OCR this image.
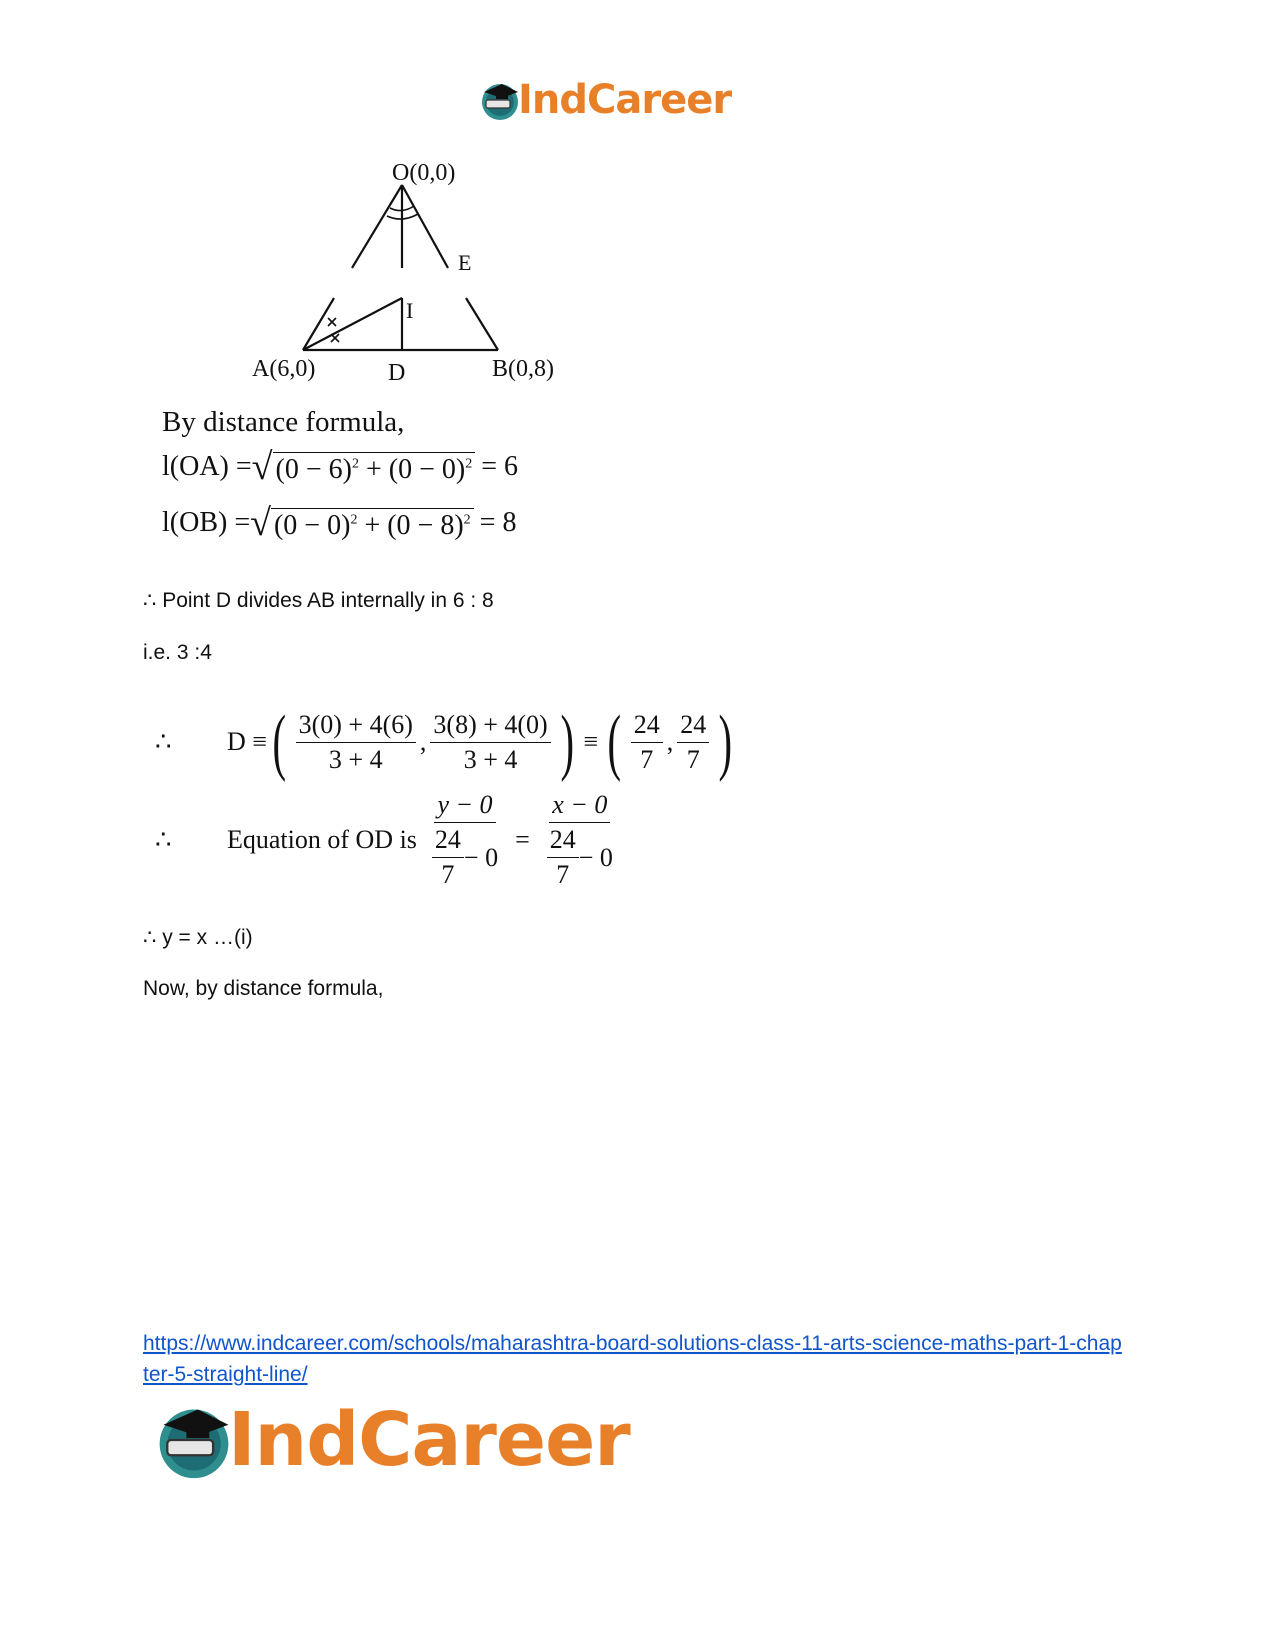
IndCareer
O(0,0)
E
I
A(6,0)	D	B(0,8)
By distance formula,
l(OA) = √ $(0 - 6)^2 + (0 - 0)^2 = 6$
l(OB) = √ $(0 - 0)^2 + (0 - 8)^2 = 8$
∴ Point D divides AB internally in 6 : 8
i.e. 3 :4
∴	D ≡ ( $\frac{3(0) + 4(6)}{3 + 4}$ , $\frac{3(8) + 4(0)}{3 + 4}$ ) ≡ ( $\frac{24}{7}$ , $\frac{24}{7}$ )
∴	Equation of OD is $\frac{y - 0}{\frac{24}{7} - 0} = \frac{x - 0}{\frac{24}{7} - 0}$
∴ y = x …(i)
Now, by distance formula,
https://www.indcareer.com/schools/maharashtra-board-solutions-class-11-arts-science-maths-part-1-chapter-5-straight-line/
IndCareer
